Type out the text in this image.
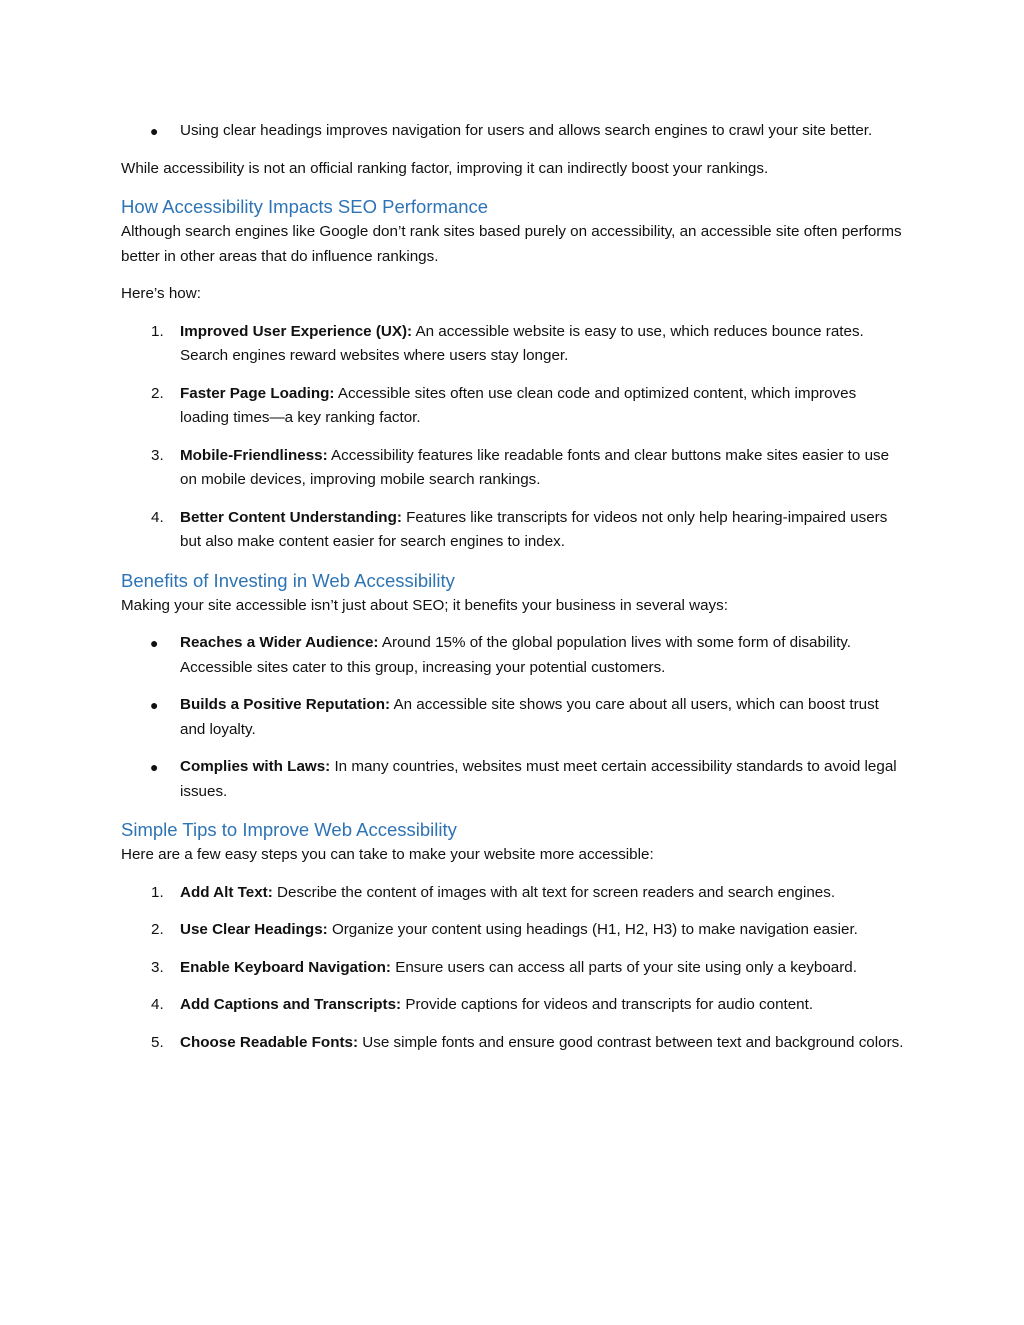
● Using clear headings improves navigation for users and allows search engines to crawl your site better.

While accessibility is not an official ranking factor, improving it can indirectly boost your rankings.

How Accessibility Impacts SEO Performance

Although search engines like Google don’t rank sites based purely on accessibility, an accessible site often performs better in other areas that do influence rankings.

Here’s how:

1. Improved User Experience (UX): An accessible website is easy to use, which reduces bounce rates. Search engines reward websites where users stay longer.
2. Faster Page Loading: Accessible sites often use clean code and optimized content, which improves loading times—a key ranking factor.
3. Mobile-Friendliness: Accessibility features like readable fonts and clear buttons make sites easier to use on mobile devices, improving mobile search rankings.
4. Better Content Understanding: Features like transcripts for videos not only help hearing-impaired users but also make content easier for search engines to index.
Benefits of Investing in Web Accessibility

Making your site accessible isn’t just about SEO; it benefits your business in several ways:

● Reaches a Wider Audience: Around 15% of the global population lives with some form of disability. Accessible sites cater to this group, increasing your potential customers.
● Builds a Positive Reputation: An accessible site shows you care about all users, which can boost trust and loyalty.
● Complies with Laws: In many countries, websites must meet certain accessibility standards to avoid legal issues.
Simple Tips to Improve Web Accessibility

Here are a few easy steps you can take to make your website more accessible:

1. Add Alt Text: Describe the content of images with alt text for screen readers and search engines.
2. Use Clear Headings: Organize your content using headings (H1, H2, H3) to make navigation easier.
3. Enable Keyboard Navigation: Ensure users can access all parts of your site using only a keyboard.
4. Add Captions and Transcripts: Provide captions for videos and transcripts for audio content.
5. Choose Readable Fonts: Use simple fonts and ensure good contrast between text and background colors.
